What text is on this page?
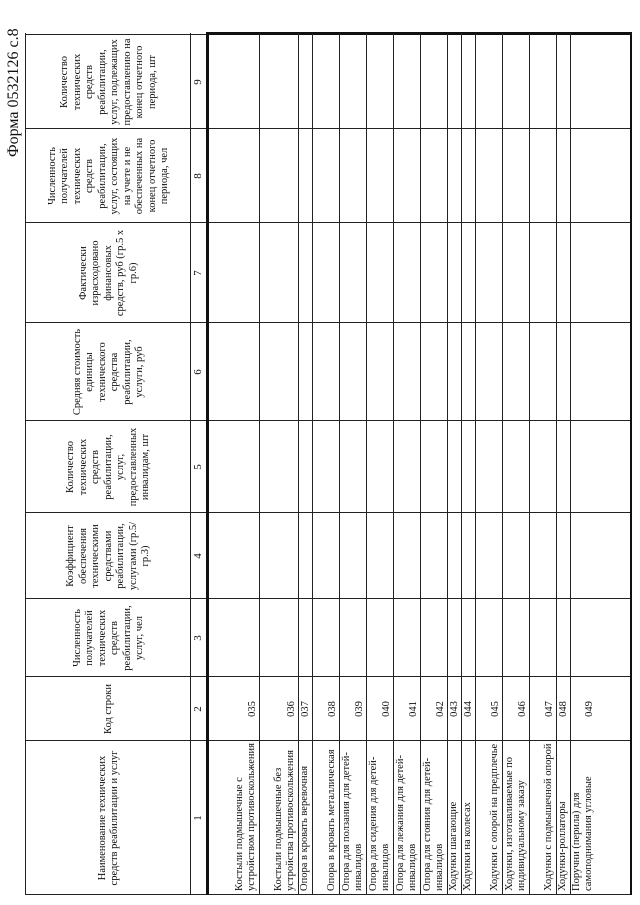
Форма 0532126 с.8
Наименование технических средств реабилитации и услуг
Код строки
Численность получателей технических средств реабилитации, услуг, чел
Коэффициент обеспечения техническими средствами реабилитации, услугами (гр.5/гр.3)
Количество технических средств реабилитации, услуг, предоставленных инвалидам, шт
Средняя стоимость единицы технического средства реабилитации, услуги, руб
Фактически израсходовано финансовых средств, руб (гр.5 х гр.6)
Численность получателей технических средств реабилитации, услуг, состоящих на учете и не обеспеченных на конец отчетного периода, чел
Количество технических средств реабилитации, услуг, подлежащих предоставлению на конец отчетного периода, шт
1
2
3
4
5
6
7
8
9
Костыли подмышечные с устройством противоскольжения
035
Костыли подмышечные без устройства противоскольжения
036
Опора в кровать веревочная
037
Опора в кровать металлическая
038
Опора для ползания для детей-инвалидов
039
Опора для сидения для детей-инвалидов
040
Опора для лежания для детей-инвалидов
041
Опора для стояния для детей-инвалидов
042
Ходунки шагающие
043
Ходунки на колесах
044
Ходунки с опорой на предплечье
045
Ходунки, изготавливаемые по индивидуальному заказу
046
Ходунки с подмышечной опорой
047
Ходунки-роллаторы
048
Поручни (перила) для самоподнимания угловые
049
